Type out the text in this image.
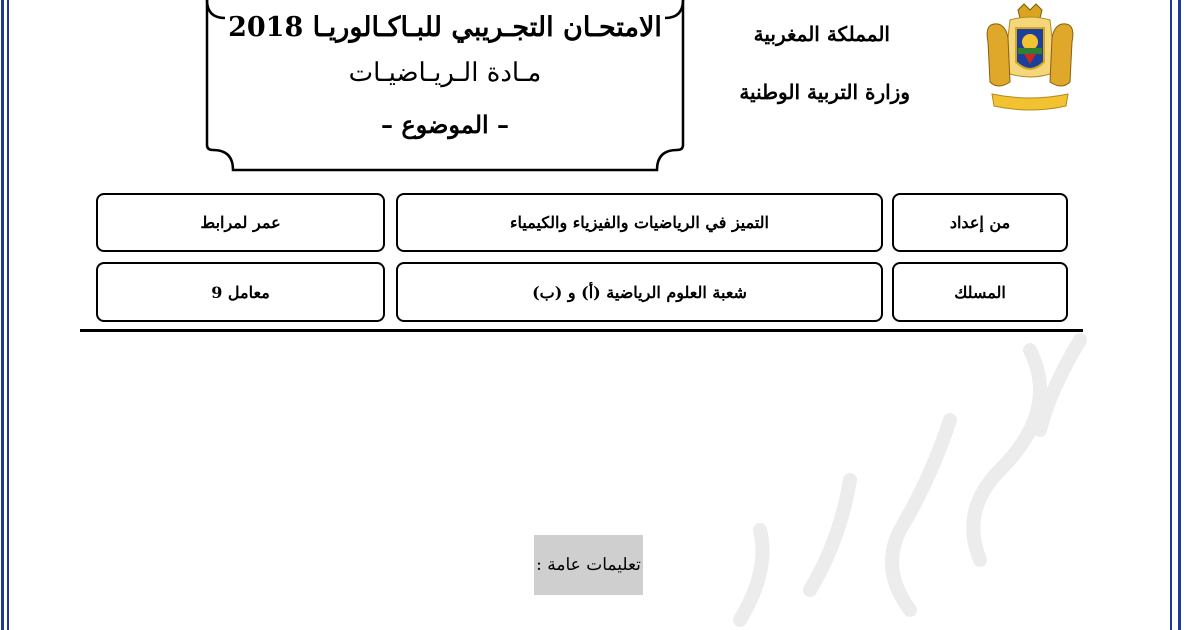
الامتحـان التجـريبي للبـاكـالوريـا 2018
مـادة الـريـاضيـات
– الموضوع –
المملكة المغربية
وزارة التربية الوطنية
من إعداد
التميز في الرياضيات والفيزياء والكيمياء
عمر لمرابط
المسلك
شعبة العلوم الرياضية (أ) و (ب)
معامل 9
تعليمات عامة :
